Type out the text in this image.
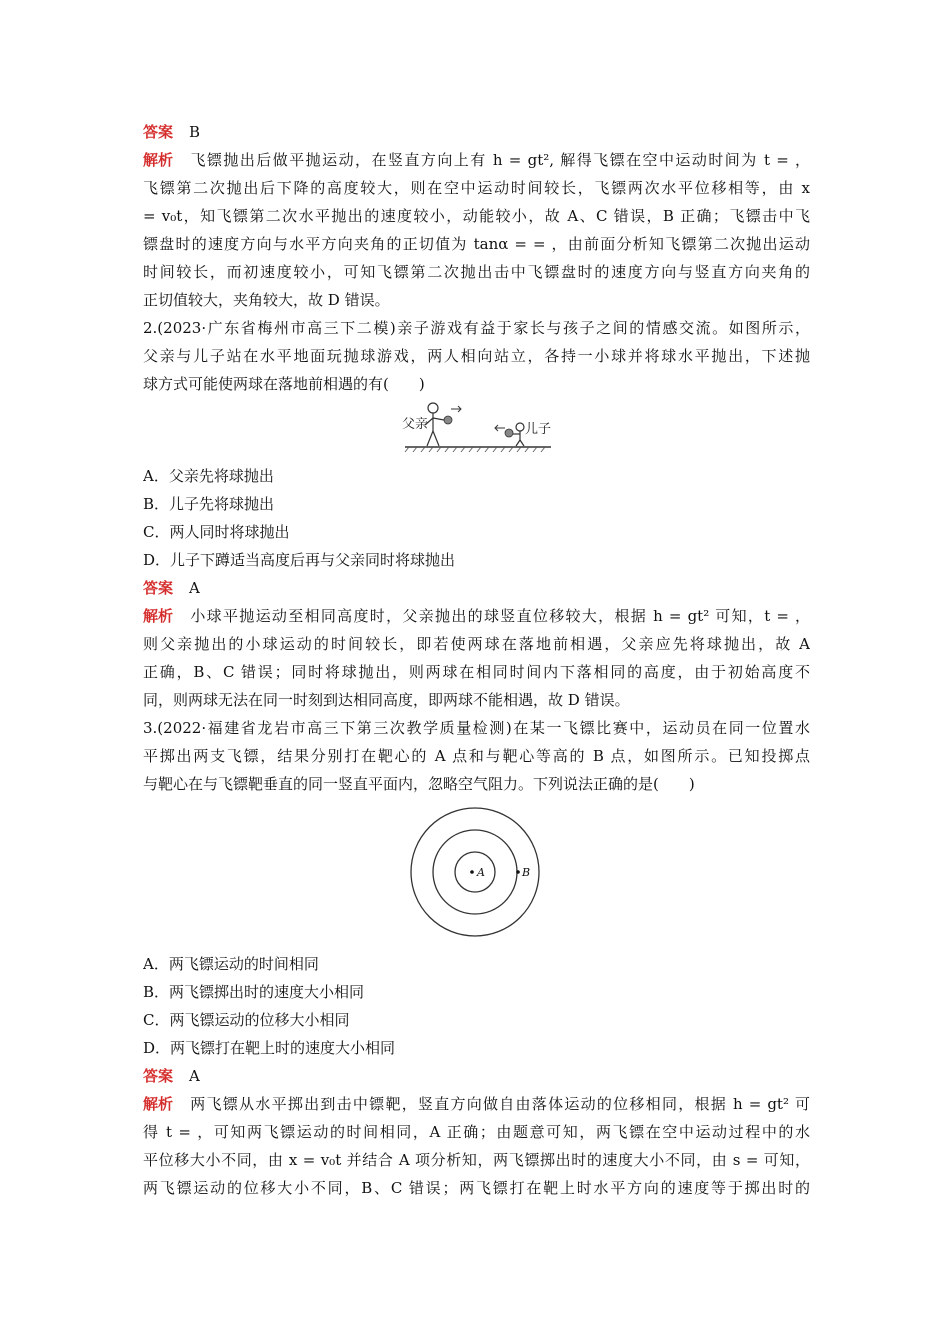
答案 B
解析 飞镖抛出后做平抛运动，在竖直方向上有 h = gt², 解得飞镖在空中运动时间为 t = ，
飞镖第二次抛出后下降的高度较大，则在空中运动时间较长，飞镖两次水平位移相等，由 x
= v₀t，知飞镖第二次水平抛出的速度较小，动能较小，故 A、C 错误，B 正确；飞镖击中飞
镖盘时的速度方向与水平方向夹角的正切值为 tanα = = ，由前面分析知飞镖第二次抛出运动
时间较长，而初速度较小，可知飞镖第二次抛出击中飞镖盘时的速度方向与竖直方向夹角的
正切值较大，夹角较大，故 D 错误。
2.(2023·广东省梅州市高三下二模)亲子游戏有益于家长与孩子之间的情感交流。如图所示，
父亲与儿子站在水平地面玩抛球游戏，两人相向站立，各持一小球并将球水平抛出，下述抛
球方式可能使两球在落地前相遇的有(　　)
父亲	儿子
A．父亲先将球抛出
B．儿子先将球抛出
C．两人同时将球抛出
D．儿子下蹲适当高度后再与父亲同时将球抛出
答案 A
解析 小球平抛运动至相同高度时，父亲抛出的球竖直位移较大，根据 h = gt² 可知，t = ，
则父亲抛出的小球运动的时间较长，即若使两球在落地前相遇，父亲应先将球抛出，故 A
正确，B、C 错误；同时将球抛出，则两球在相同时间内下落相同的高度，由于初始高度不
同，则两球无法在同一时刻到达相同高度，即两球不能相遇，故 D 错误。
3.(2022·福建省龙岩市高三下第三次教学质量检测)在某一飞镖比赛中，运动员在同一位置水
平掷出两支飞镖，结果分别打在靶心的 A 点和与靶心等高的 B 点，如图所示。已知投掷点
与靶心在与飞镖靶垂直的同一竖直平面内，忽略空气阻力。下列说法正确的是(　　)
A	B
A．两飞镖运动的时间相同
B．两飞镖掷出时的速度大小相同
C．两飞镖运动的位移大小相同
D．两飞镖打在靶上时的速度大小相同
答案 A
解析 两飞镖从水平掷出到击中镖靶，竖直方向做自由落体运动的位移相同，根据 h = gt² 可
得 t = ，可知两飞镖运动的时间相同，A 正确；由题意可知，两飞镖在空中运动过程中的水
平位移大小不同，由 x = v₀t 并结合 A 项分析知，两飞镖掷出时的速度大小不同，由 s = 可知，
两飞镖运动的位移大小不同，B、C 错误；两飞镖打在靶上时水平方向的速度等于掷出时的
